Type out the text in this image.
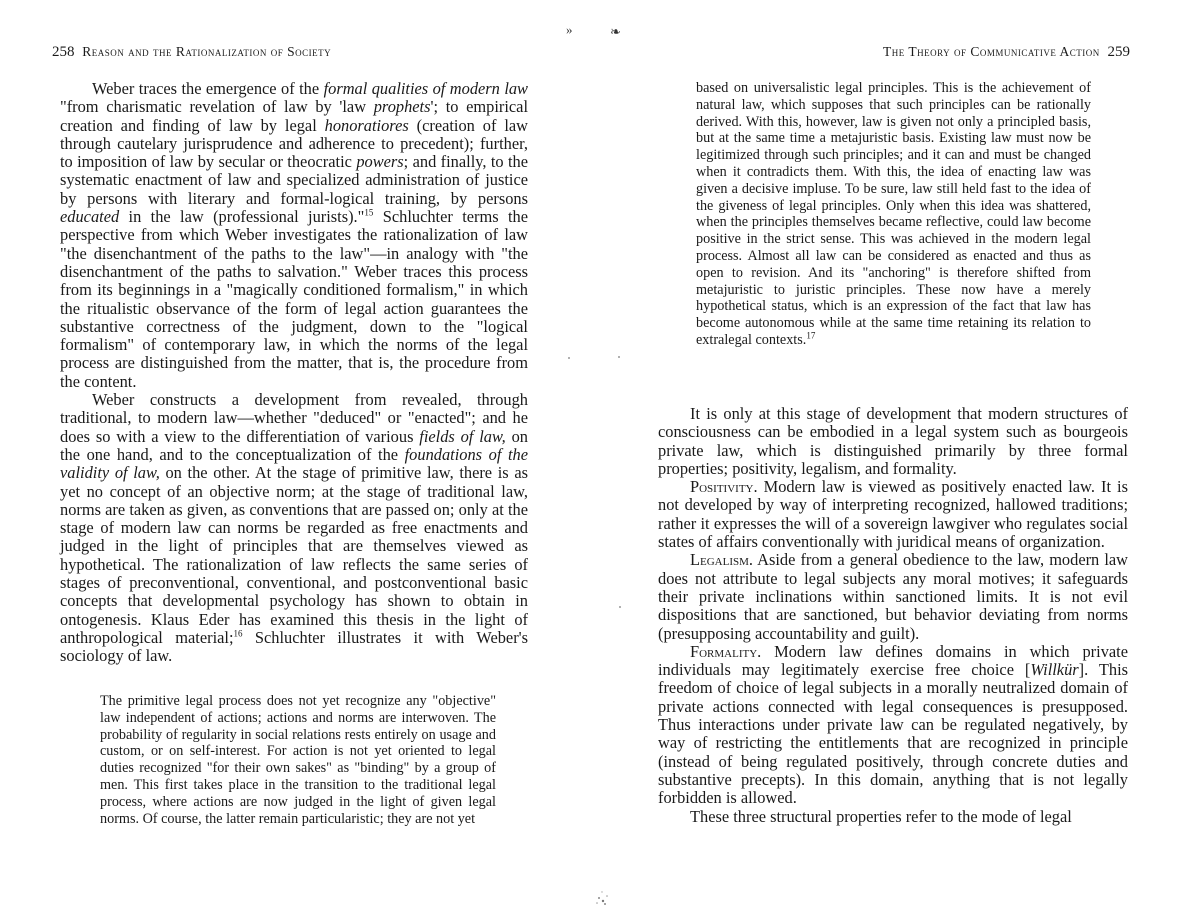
258 Reason and the Rationalization of Society	The Theory of Communicative Action 259
»	❧

Weber traces the emergence of the formal qualities of modern law "from charismatic revelation of law by 'law prophets'; to empirical creation and finding of law by legal honoratiores (creation of law through cautelary jurisprudence and adherence to precedent); further, to imposition of law by secular or theocratic powers; and finally, to the systematic enactment of law and specialized administration of justice by persons with literary and formal-logical training, by persons educated in the law (professional jurists)."$^{15}$ Schluchter terms the perspective from which Weber investigates the rationalization of law "the disenchantment of the paths to the law"—in analogy with "the disenchantment of the paths to salvation." Weber traces this process from its beginnings in a "magically conditioned formalism," in which the ritualistic observance of the form of legal action guarantees the substantive correctness of the judgment, down to the "logical formalism" of contemporary law, in which the norms of the legal process are distinguished from the matter, that is, the procedure from the content.

Weber constructs a development from revealed, through traditional, to modern law—whether "deduced" or "enacted"; and he does so with a view to the differentiation of various fields of law, on the one hand, and to the conceptualization of the foundations of the validity of law, on the other. At the stage of primitive law, there is as yet no concept of an objective norm; at the stage of traditional law, norms are taken as given, as conventions that are passed on; only at the stage of modern law can norms be regarded as free enactments and judged in the light of principles that are themselves viewed as hypothetical. The rationalization of law reflects the same series of stages of preconventional, conventional, and postconventional basic concepts that developmental psychology has shown to obtain in ontogenesis. Klaus Eder has examined this thesis in the light of anthropological material;$^{16}$ Schluchter illustrates it with Weber's sociology of law.

The primitive legal process does not yet recognize any "objective" law independent of actions; actions and norms are interwoven. The probability of regularity in social relations rests entirely on usage and custom, or on self-interest. For action is not yet oriented to legal duties recognized "for their own sakes" as "binding" by a group of men. This first takes place in the transition to the traditional legal process, where actions are now judged in the light of given legal norms. Of course, the latter remain particularistic; they are not yet

based on universalistic legal principles. This is the achievement of natural law, which supposes that such principles can be rationally derived. With this, however, law is given not only a principled basis, but at the same time a metajuristic basis. Existing law must now be legitimized through such principles; and it can and must be changed when it contradicts them. With this, the idea of enacting law was given a decisive impluse. To be sure, law still held fast to the idea of the giveness of legal principles. Only when this idea was shattered, when the principles themselves became reflective, could law become positive in the strict sense. This was achieved in the modern legal process. Almost all law can be considered as enacted and thus as open to revision. And its "anchoring" is therefore shifted from metajuristic to juristic principles. These now have a merely hypothetical status, which is an expression of the fact that law has become autonomous while at the same time retaining its relation to extralegal contexts.$^{17}$

It is only at this stage of development that modern structures of consciousness can be embodied in a legal system such as bourgeois private law, which is distinguished primarily by three formal properties; positivity, legalism, and formality.

Positivity. Modern law is viewed as positively enacted law. It is not developed by way of interpreting recognized, hallowed traditions; rather it expresses the will of a sovereign lawgiver who regulates social states of affairs conventionally with juridical means of organization.

Legalism. Aside from a general obedience to the law, modern law does not attribute to legal subjects any moral motives; it safeguards their private inclinations within sanctioned limits. It is not evil dispositions that are sanctioned, but behavior deviating from norms (presupposing accountability and guilt).

Formality. Modern law defines domains in which private individuals may legitimately exercise free choice [Willkür]. This freedom of choice of legal subjects in a morally neutralized domain of private actions connected with legal consequences is presupposed. Thus interactions under private law can be regulated negatively, by way of restricting the entitlements that are recognized in principle (instead of being regulated positively, through concrete duties and substantive precepts). In this domain, anything that is not legally forbidden is allowed.

These three structural properties refer to the mode of legal
